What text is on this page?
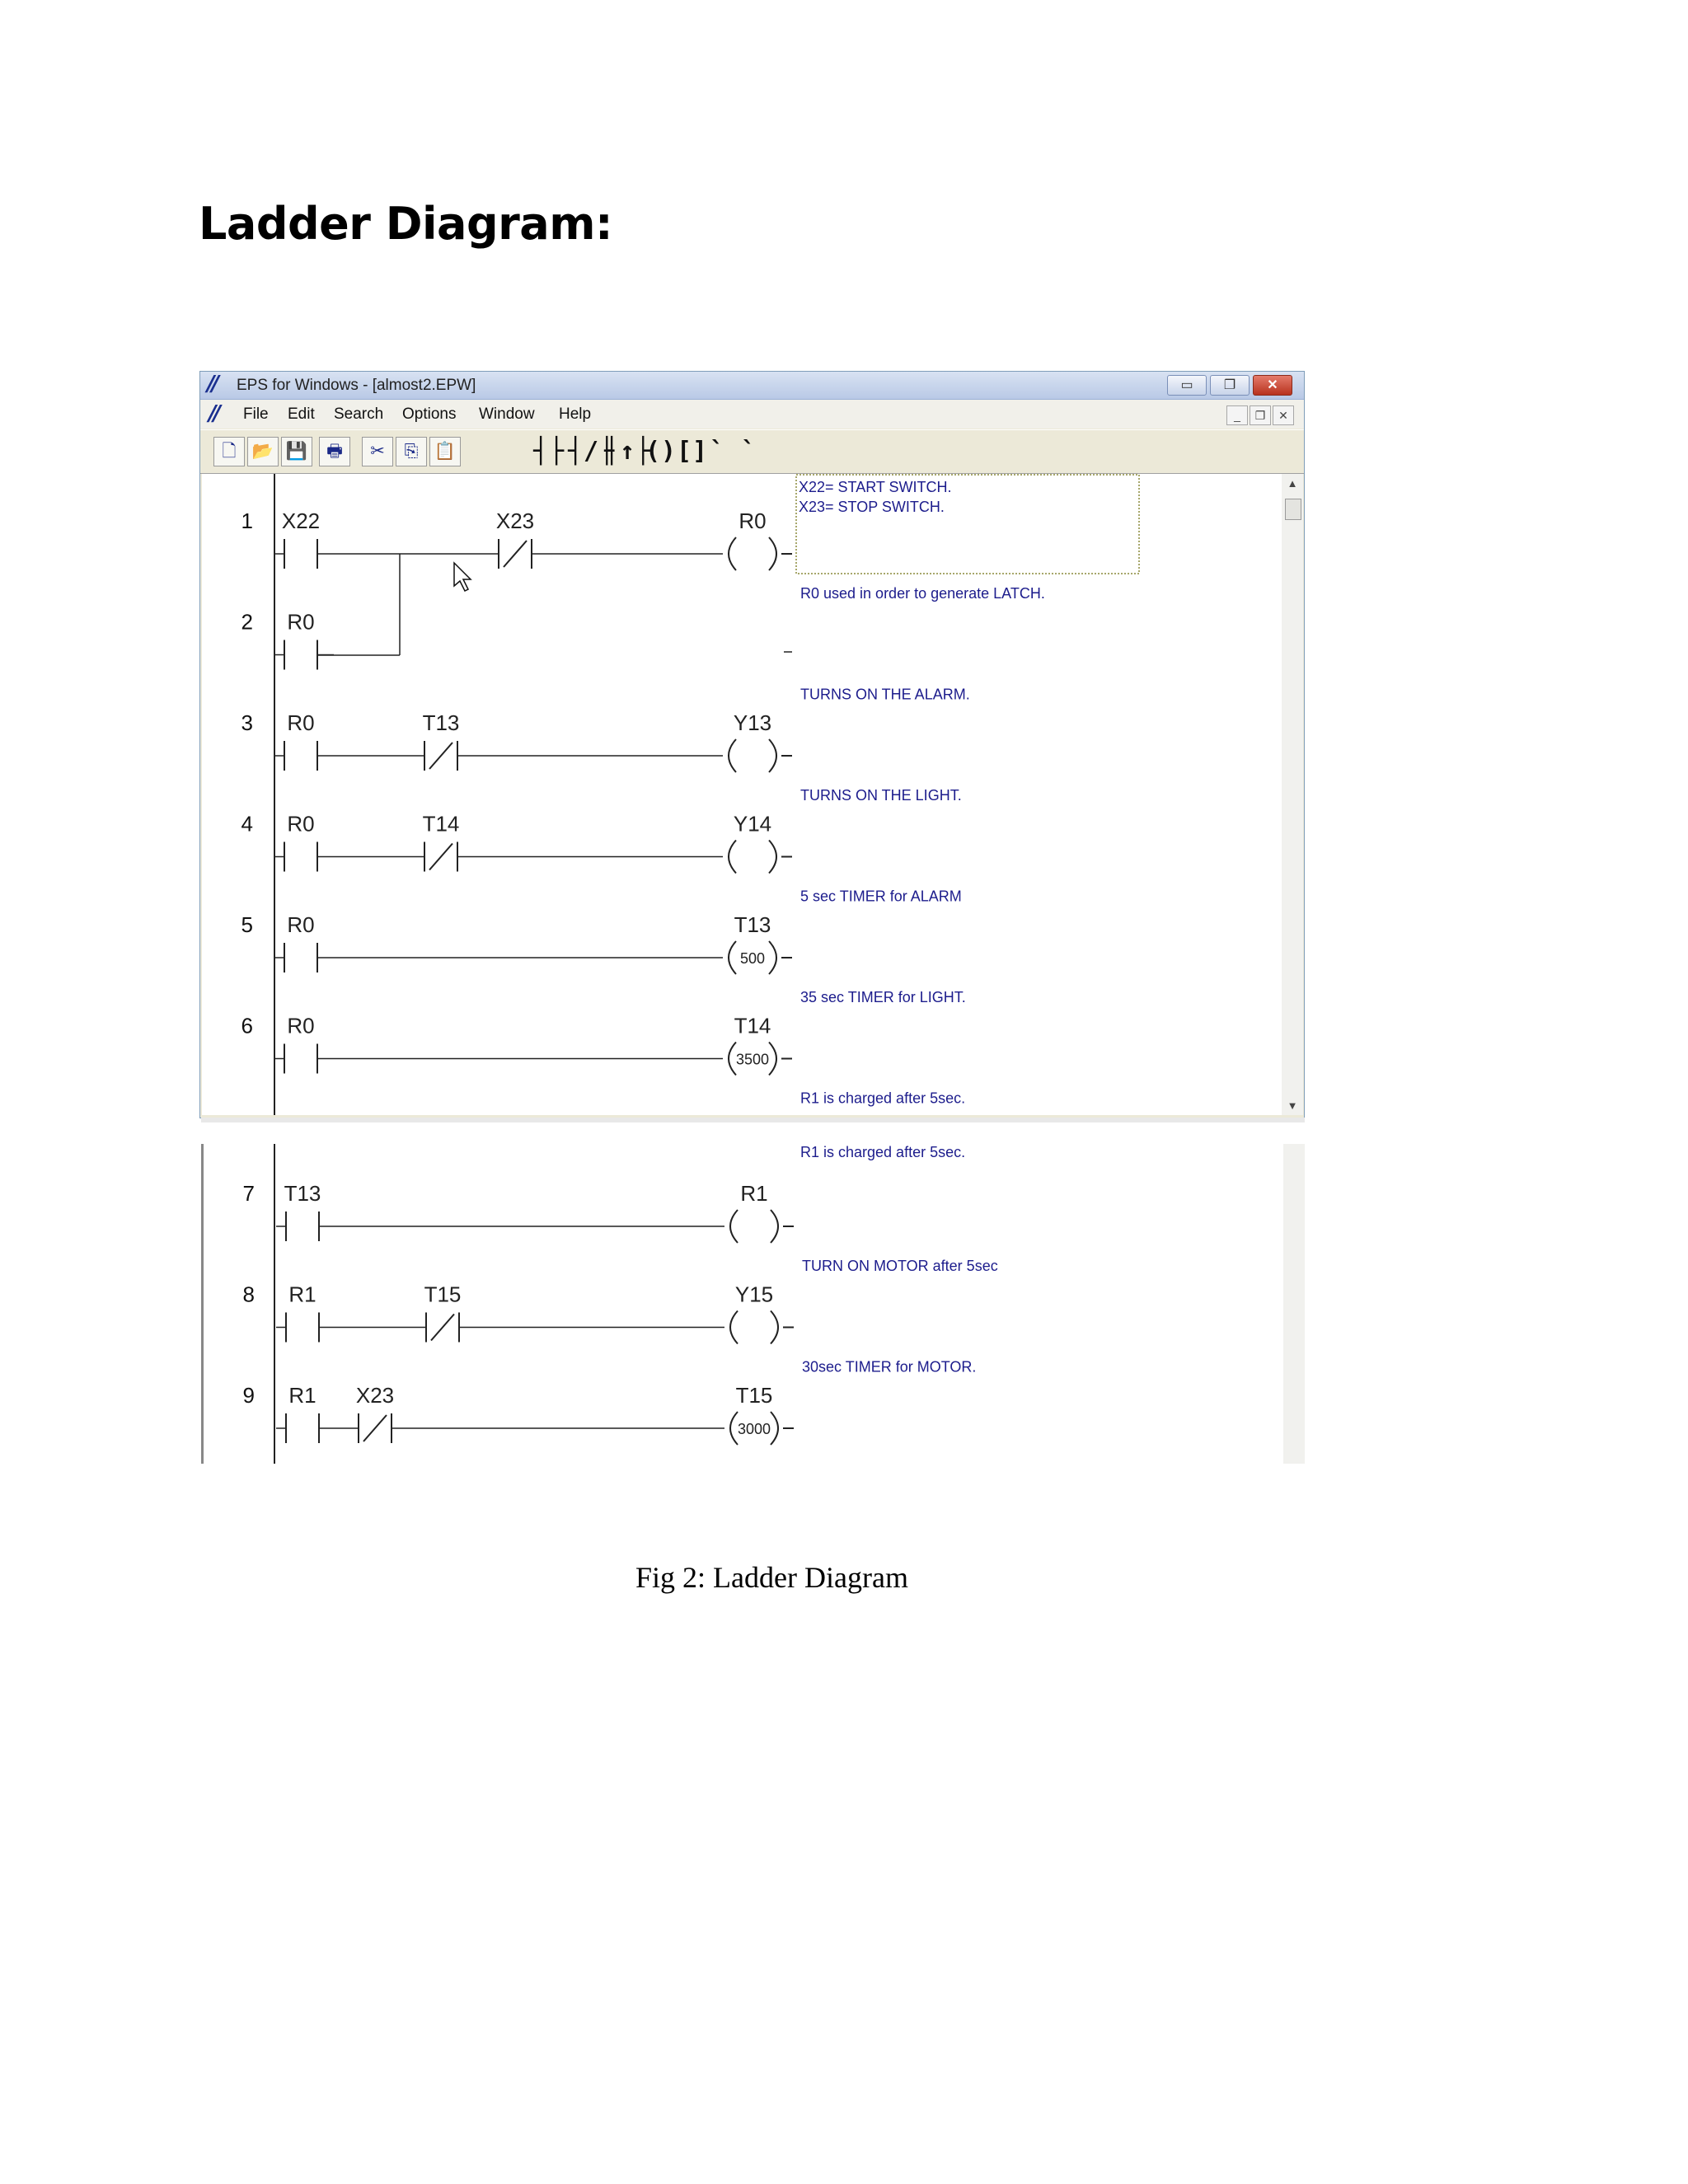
Ladder Diagram:
// EPS for Windows - [almost2.EPW]	▭	❐	✕
// File Edit Search Options Window Help	_	❐	✕
🗋 📂 💾	🖶	✂	⎘ 📋	┤├ ┤/├
┤↑├
() [] ` `
1 X22	X23	R0
R0 used in order to generate LATCH.
2 R0
TURNS ON THE ALARM.
3 R0	T13	Y13
TURNS ON THE LIGHT.
4 R0	T14	Y14
5 sec TIMER for ALARM
5 R0	T13
500
35 sec TIMER for LIGHT.
6 R0	T14
3500
R1 is charged after 5sec.
X22= START SWITCH.
X23= STOP SWITCH.
▲
▼
R1 is charged after 5sec.
7 T13	R1
TURN ON MOTOR after 5sec
8 R1	T15	Y15
30sec TIMER for MOTOR.
9 R1 X23	T15
3000
Fig 2: Ladder Diagram
